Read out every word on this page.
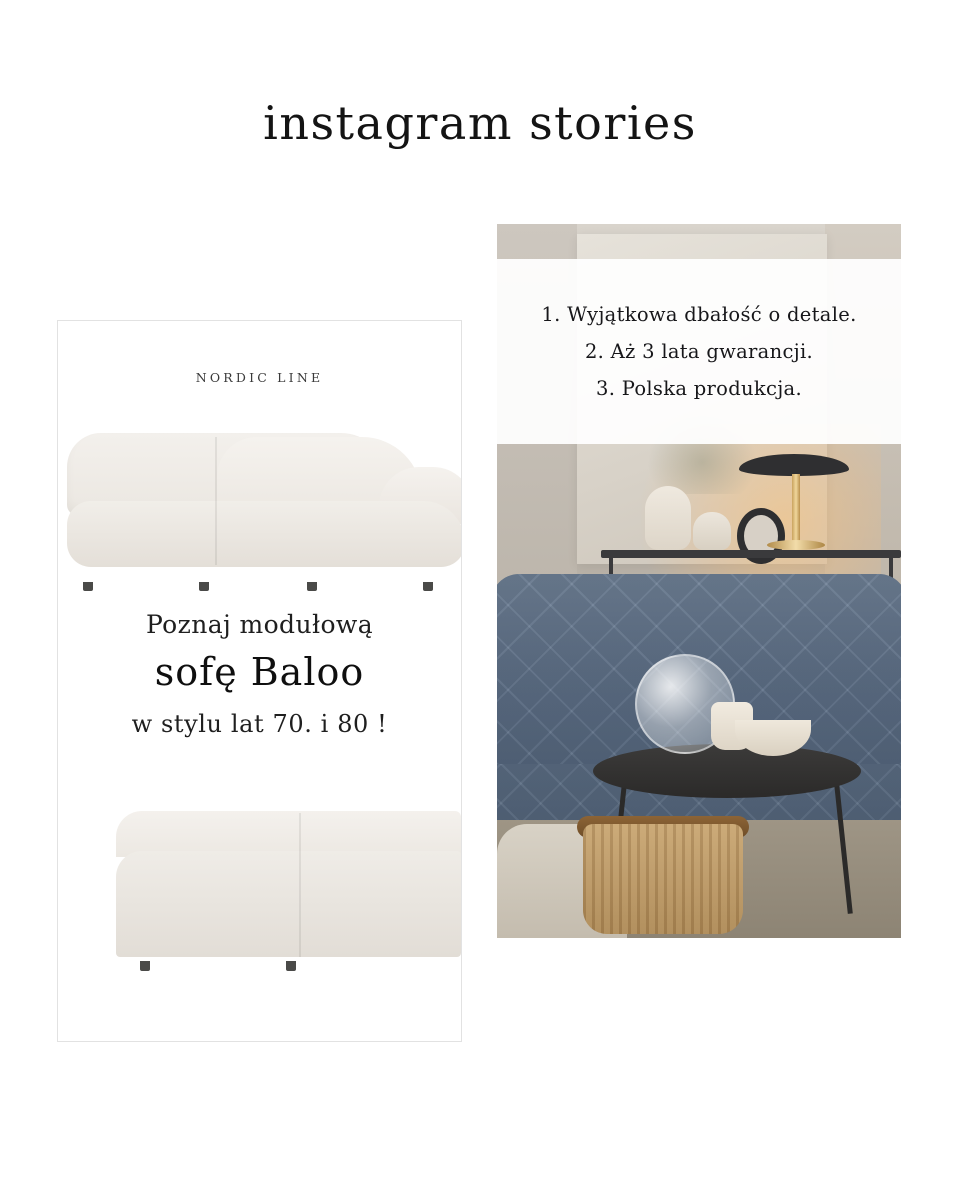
instagram stories
NORDIC LINE
Poznaj modułową
sofę Baloo
w stylu lat 70. i 80 !
1. Wyjątkowa dbałość o detale.
2. Aż 3 lata gwarancji.
3. Polska produkcja.
